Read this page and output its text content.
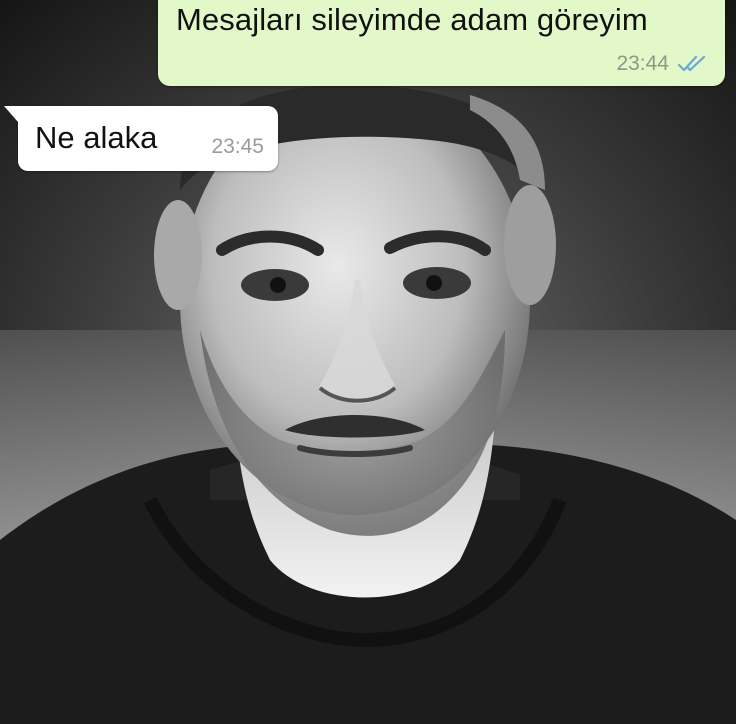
Mesajları sileyimde adam göreyim
23:44
Ne alaka	23:45
